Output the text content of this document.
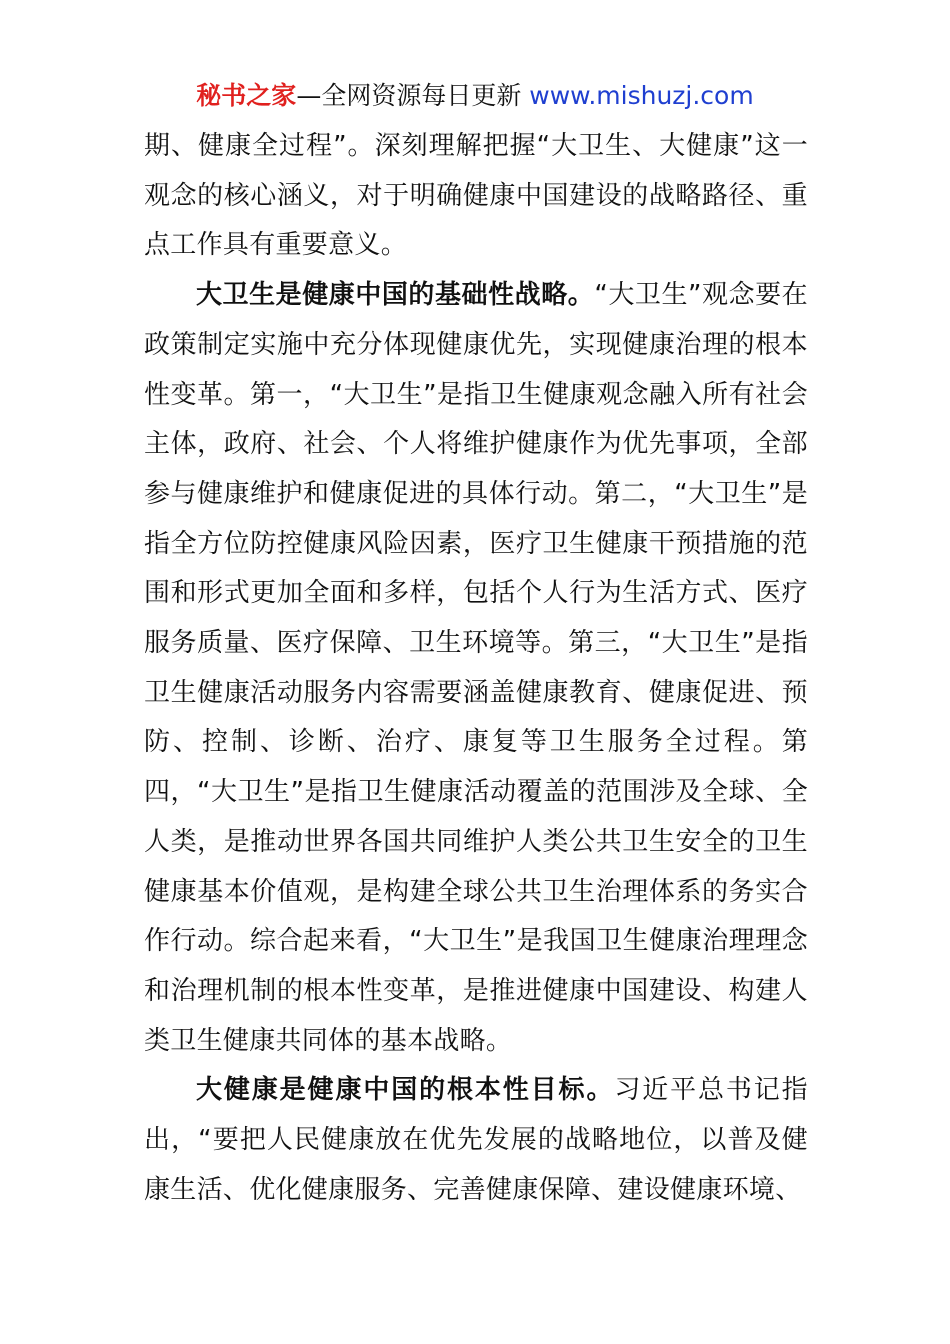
秘书之家—全网资源每日更新 www.mishuzj.com

期、健康全过程”。深刻理解把握“大卫生、大健康”这一观念的核心涵义，对于明确健康中国建设的战略路径、重点工作具有重要意义。

大卫生是健康中国的基础性战略。“大卫生”观念要在政策制定实施中充分体现健康优先，实现健康治理的根本性变革。第一，“大卫生”是指卫生健康观念融入所有社会主体，政府、社会、个人将维护健康作为优先事项，全部参与健康维护和健康促进的具体行动。第二，“大卫生”是指全方位防控健康风险因素，医疗卫生健康干预措施的范围和形式更加全面和多样，包括个人行为生活方式、医疗服务质量、医疗保障、卫生环境等。第三，“大卫生”是指卫生健康活动服务内容需要涵盖健康教育、健康促进、预防、控制、诊断、治疗、康复等卫生服务全过程。第四，“大卫生”是指卫生健康活动覆盖的范围涉及全球、全人类，是推动世界各国共同维护人类公共卫生安全的卫生健康基本价值观，是构建全球公共卫生治理体系的务实合作行动。综合起来看，“大卫生”是我国卫生健康治理理念和治理机制的根本性变革，是推进健康中国建设、构建人类卫生健康共同体的基本战略。

大健康是健康中国的根本性目标。习近平总书记指出，“要把人民健康放在优先发展的战略地位，以普及健康生活、优化健康服务、完善健康保障、建设健康环境、
